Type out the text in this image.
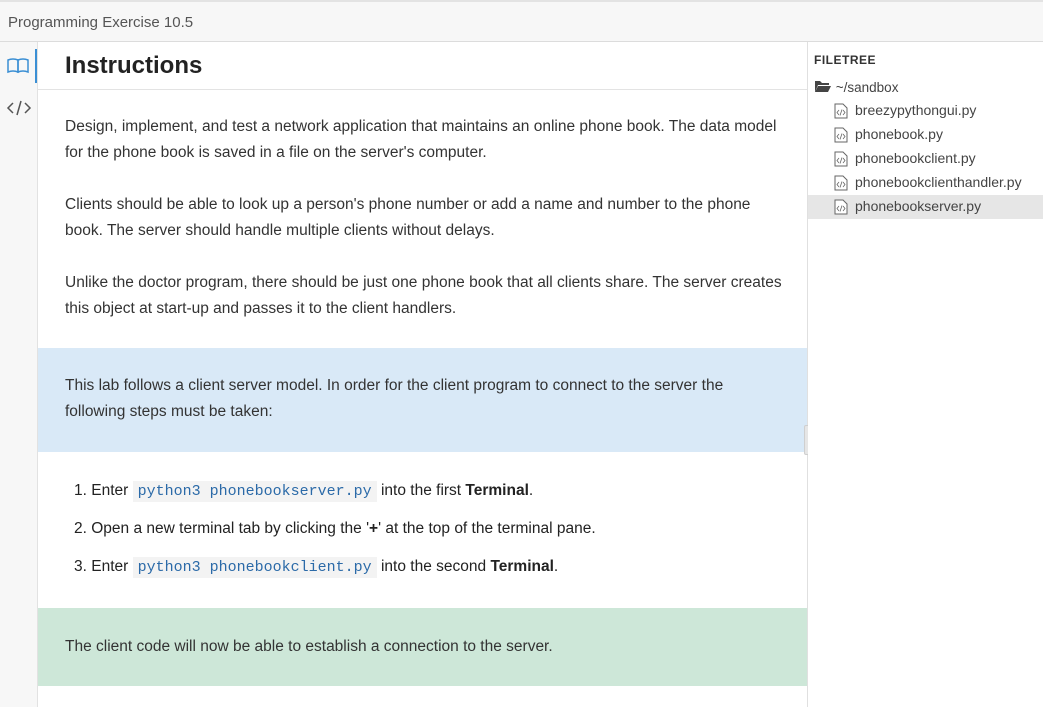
Programming Exercise 10.5
Instructions

Design, implement, and test a network application that maintains an online phone book. The data model for the phone book is saved in a file on the server's computer.

Clients should be able to look up a person's phone number or add a name and number to the phone book. The server should handle multiple clients without delays.

Unlike the doctor program, there should be just one phone book that all clients share. The server creates this object at start-up and passes it to the client handlers.

This lab follows a client server model. In order for the client program to connect to the server the following steps must be taken:

1. Enter python3 phonebookserver.py into the first Terminal.
2. Open a new terminal tab by clicking the '+' at the top of the terminal pane.
3. Enter python3 phonebookclient.py into the second Terminal.

The client code will now be able to establish a connection to the server.

FILETREE
~/sandbox
breezypythongui.py
phonebook.py
phonebookclient.py
phonebookclienthandler.py
phonebookserver.py
